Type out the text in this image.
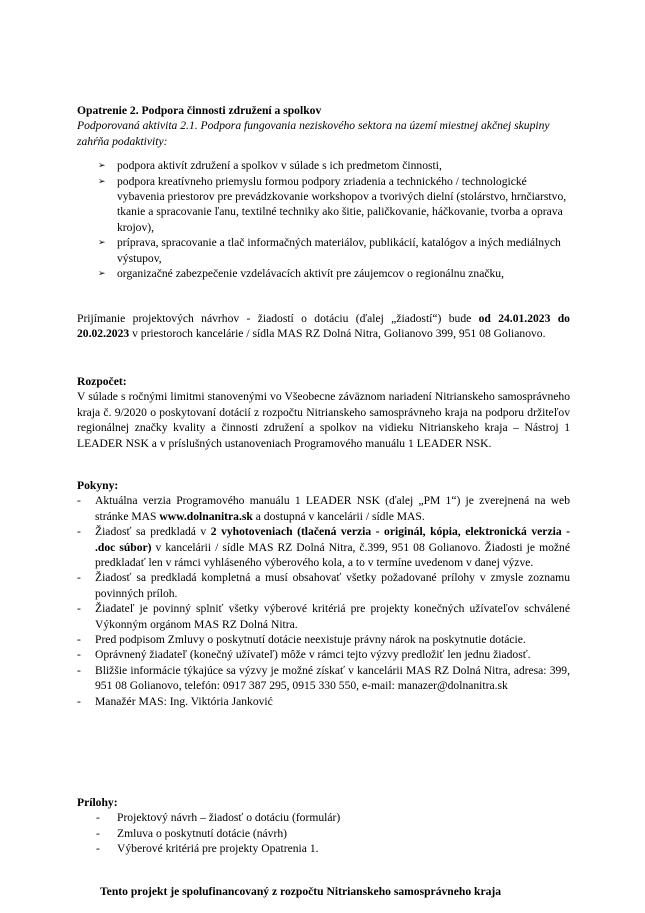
Opatrenie 2. Podpora činnosti združení a spolkov
Podporovaná aktivita 2.1. Podpora fungovania neziskového sektora na území miestnej akčnej skupiny zahŕňa podaktivity:
➢ podpora aktivít združení a spolkov v súlade s ich predmetom činnosti,
➢ podpora kreatívneho priemyslu formou podpory zriadenia a technického / technologické vybavenia priestorov pre prevádzkovanie workshopov a tvorivých dielní (stolárstvo, hrnčiarstvo, tkanie a spracovanie ľanu, textilné techniky ako šitie, paličkovanie, háčkovanie, tvorba a oprava krojov),
➢ príprava, spracovanie a tlač informačných materiálov, publikácií, katalógov a iných mediálnych výstupov,
➢ organizačné zabezpečenie vzdelávacích aktivít pre záujemcov o regionálnu značku,
Prijímanie projektových návrhov - žiadostí o dotáciu (ďalej „žiadostí“) bude od 24.01.2023 do 20.02.2023 v priestoroch kancelárie / sídla MAS RZ Dolná Nitra, Golianovo 399, 951 08 Golianovo.
Rozpočet:
V súlade s ročnými limitmi stanovenými vo Všeobecne záväznom nariadení Nitrianskeho samosprávneho kraja č. 9/2020 o poskytovaní dotácií z rozpočtu Nitrianskeho samosprávneho kraja na podporu držiteľov regionálnej značky kvality a činnosti združení a spolkov na vidieku Nitrianskeho kraja – Nástroj 1 LEADER NSK a v príslušných ustanoveniach Programového manuálu 1 LEADER NSK.
Pokyny:
- Aktuálna verzia Programového manuálu 1 LEADER NSK (ďalej „PM 1“) je zverejnená na web stránke MAS www.dolnanitra.sk a dostupná v kancelárii / sídle MAS.
- Žiadosť sa predkladá v 2 vyhotoveniach (tlačená verzia - originál, kópia, elektronická verzia - .doc súbor) v kancelárii / sídle MAS RZ Dolná Nitra, č.399, 951 08 Golianovo. Žiadosti je možné predkladať len v rámci vyhláseného výberového kola, a to v termíne uvedenom v danej výzve.
- Žiadosť sa predkladá kompletná a musí obsahovať všetky požadované prílohy v zmysle zoznamu povinných príloh.
- Žiadateľ je povinný splniť všetky výberové kritériá pre projekty konečných užívateľov schválené Výkonným orgánom MAS RZ Dolná Nitra.
- Pred podpisom Zmluvy o poskytnutí dotácie neexistuje právny nárok na poskytnutie dotácie.
- Oprávnený žiadateľ (konečný užívateľ) môže v rámci tejto výzvy predložiť len jednu žiadosť.
- Bližšie informácie týkajúce sa výzvy je možné získať v kancelárii MAS RZ Dolná Nitra, adresa: 399, 951 08 Golianovo, telefón: 0917 387 295, 0915 330 550, e-mail: manazer@dolnanitra.sk
- Manažér MAS: Ing. Viktória Janković
Prílohy:
- Projektový návrh – žiadosť o dotáciu (formulár)
- Zmluva o poskytnutí dotácie (návrh)
- Výberové kritériá pre projekty Opatrenia 1.
Tento projekt je spolufinancovaný z rozpočtu Nitrianskeho samosprávneho kraja
